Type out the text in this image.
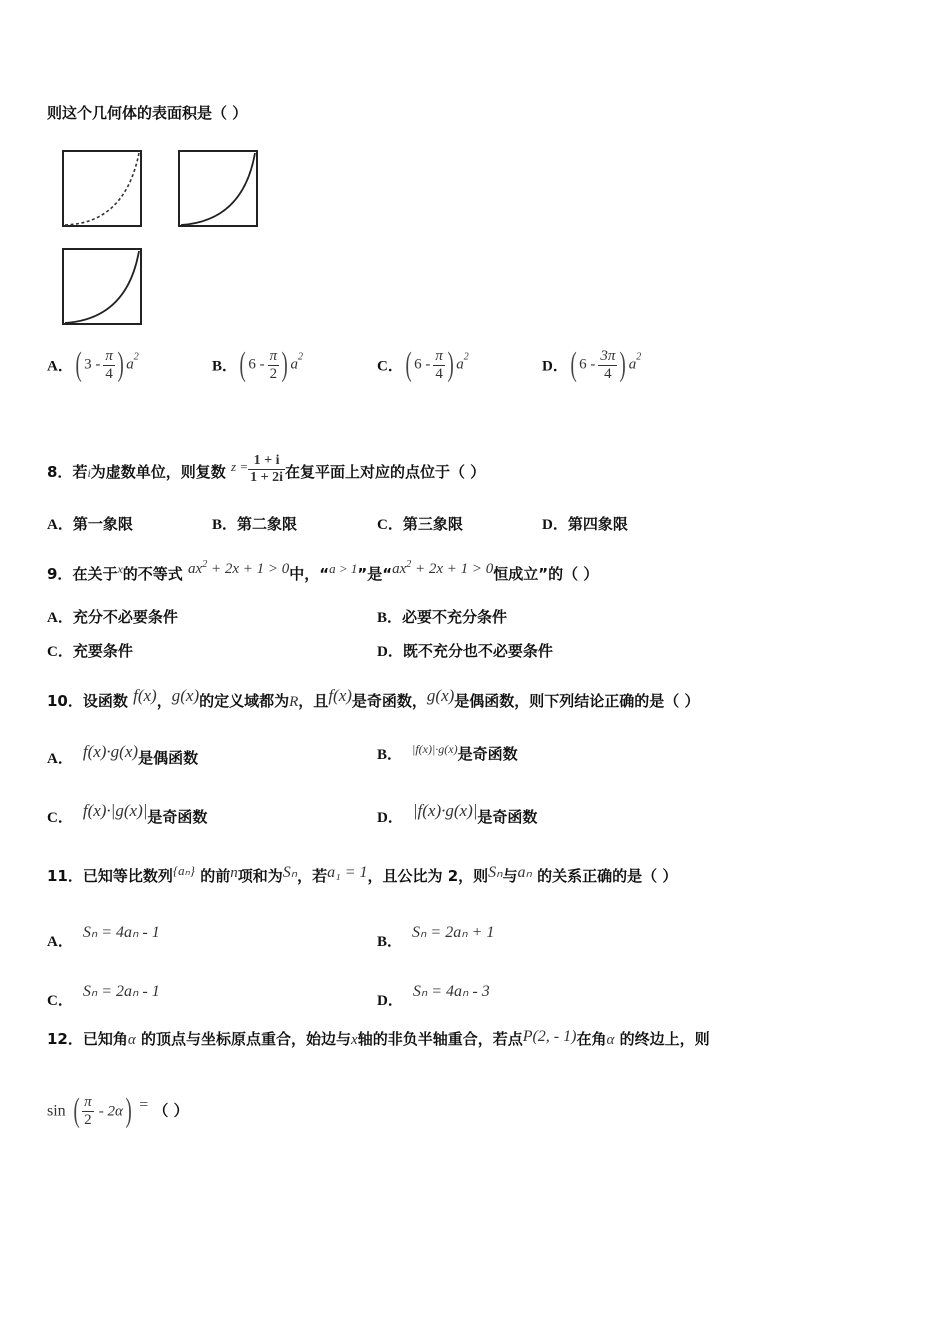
则这个几何体的表面积是（ ）
A．( $3 - \frac{\pi}{4}$ ) $a^2$
B．( $6 - \frac{\pi}{2}$ ) $a^2$
C．( $6 - \frac{\pi}{4}$ ) $a^2$
D．( $6 - \frac{3\pi}{4}$ ) $a^2$
8．若i为虚数单位，则复数 $z = \frac{1 + i}{1 + 2i}$ 在复平面上对应的点位于（ ）
A．第一象限	B．第二象限	C．第三象限	D．第四象限
9．在关于$^x$的不等式 $ax^2 + 2x + 1 > 0$中，“a > 1”是“$ax^2 + 2x + 1 > 0$恒成立”的（ ）
A．充分不必要条件	B．必要不充分条件
C．充要条件	D．既不充分也不必要条件
10．设函数 f(x)，g(x)的定义域都为R，且f(x)是奇函数，g(x)是偶函数，则下列结论正确的是（ ）
A． f(x)·g(x)是偶函数	B． $^{|f(x)|\cdot g(x)}$是奇函数
C． f(x)·|g(x)|是奇函数	D． |f(x)·g(x)|是奇函数
11．已知等比数列{aₙ} 的前n项和为Sₙ，若a₁ = 1，且公比为 2，则Sₙ与aₙ 的关系正确的是（ ）
A．Sₙ = 4aₙ - 1
B．Sₙ = 2aₙ + 1
C．Sₙ = 2aₙ - 1
D．Sₙ = 4aₙ - 3
12．已知角α 的顶点与坐标原点重合，始边与x轴的非负半轴重合，若点P(2, - 1)在角α 的终边上，则
sin ( $\frac{\pi}{2} - 2\alpha$) = （ ）
